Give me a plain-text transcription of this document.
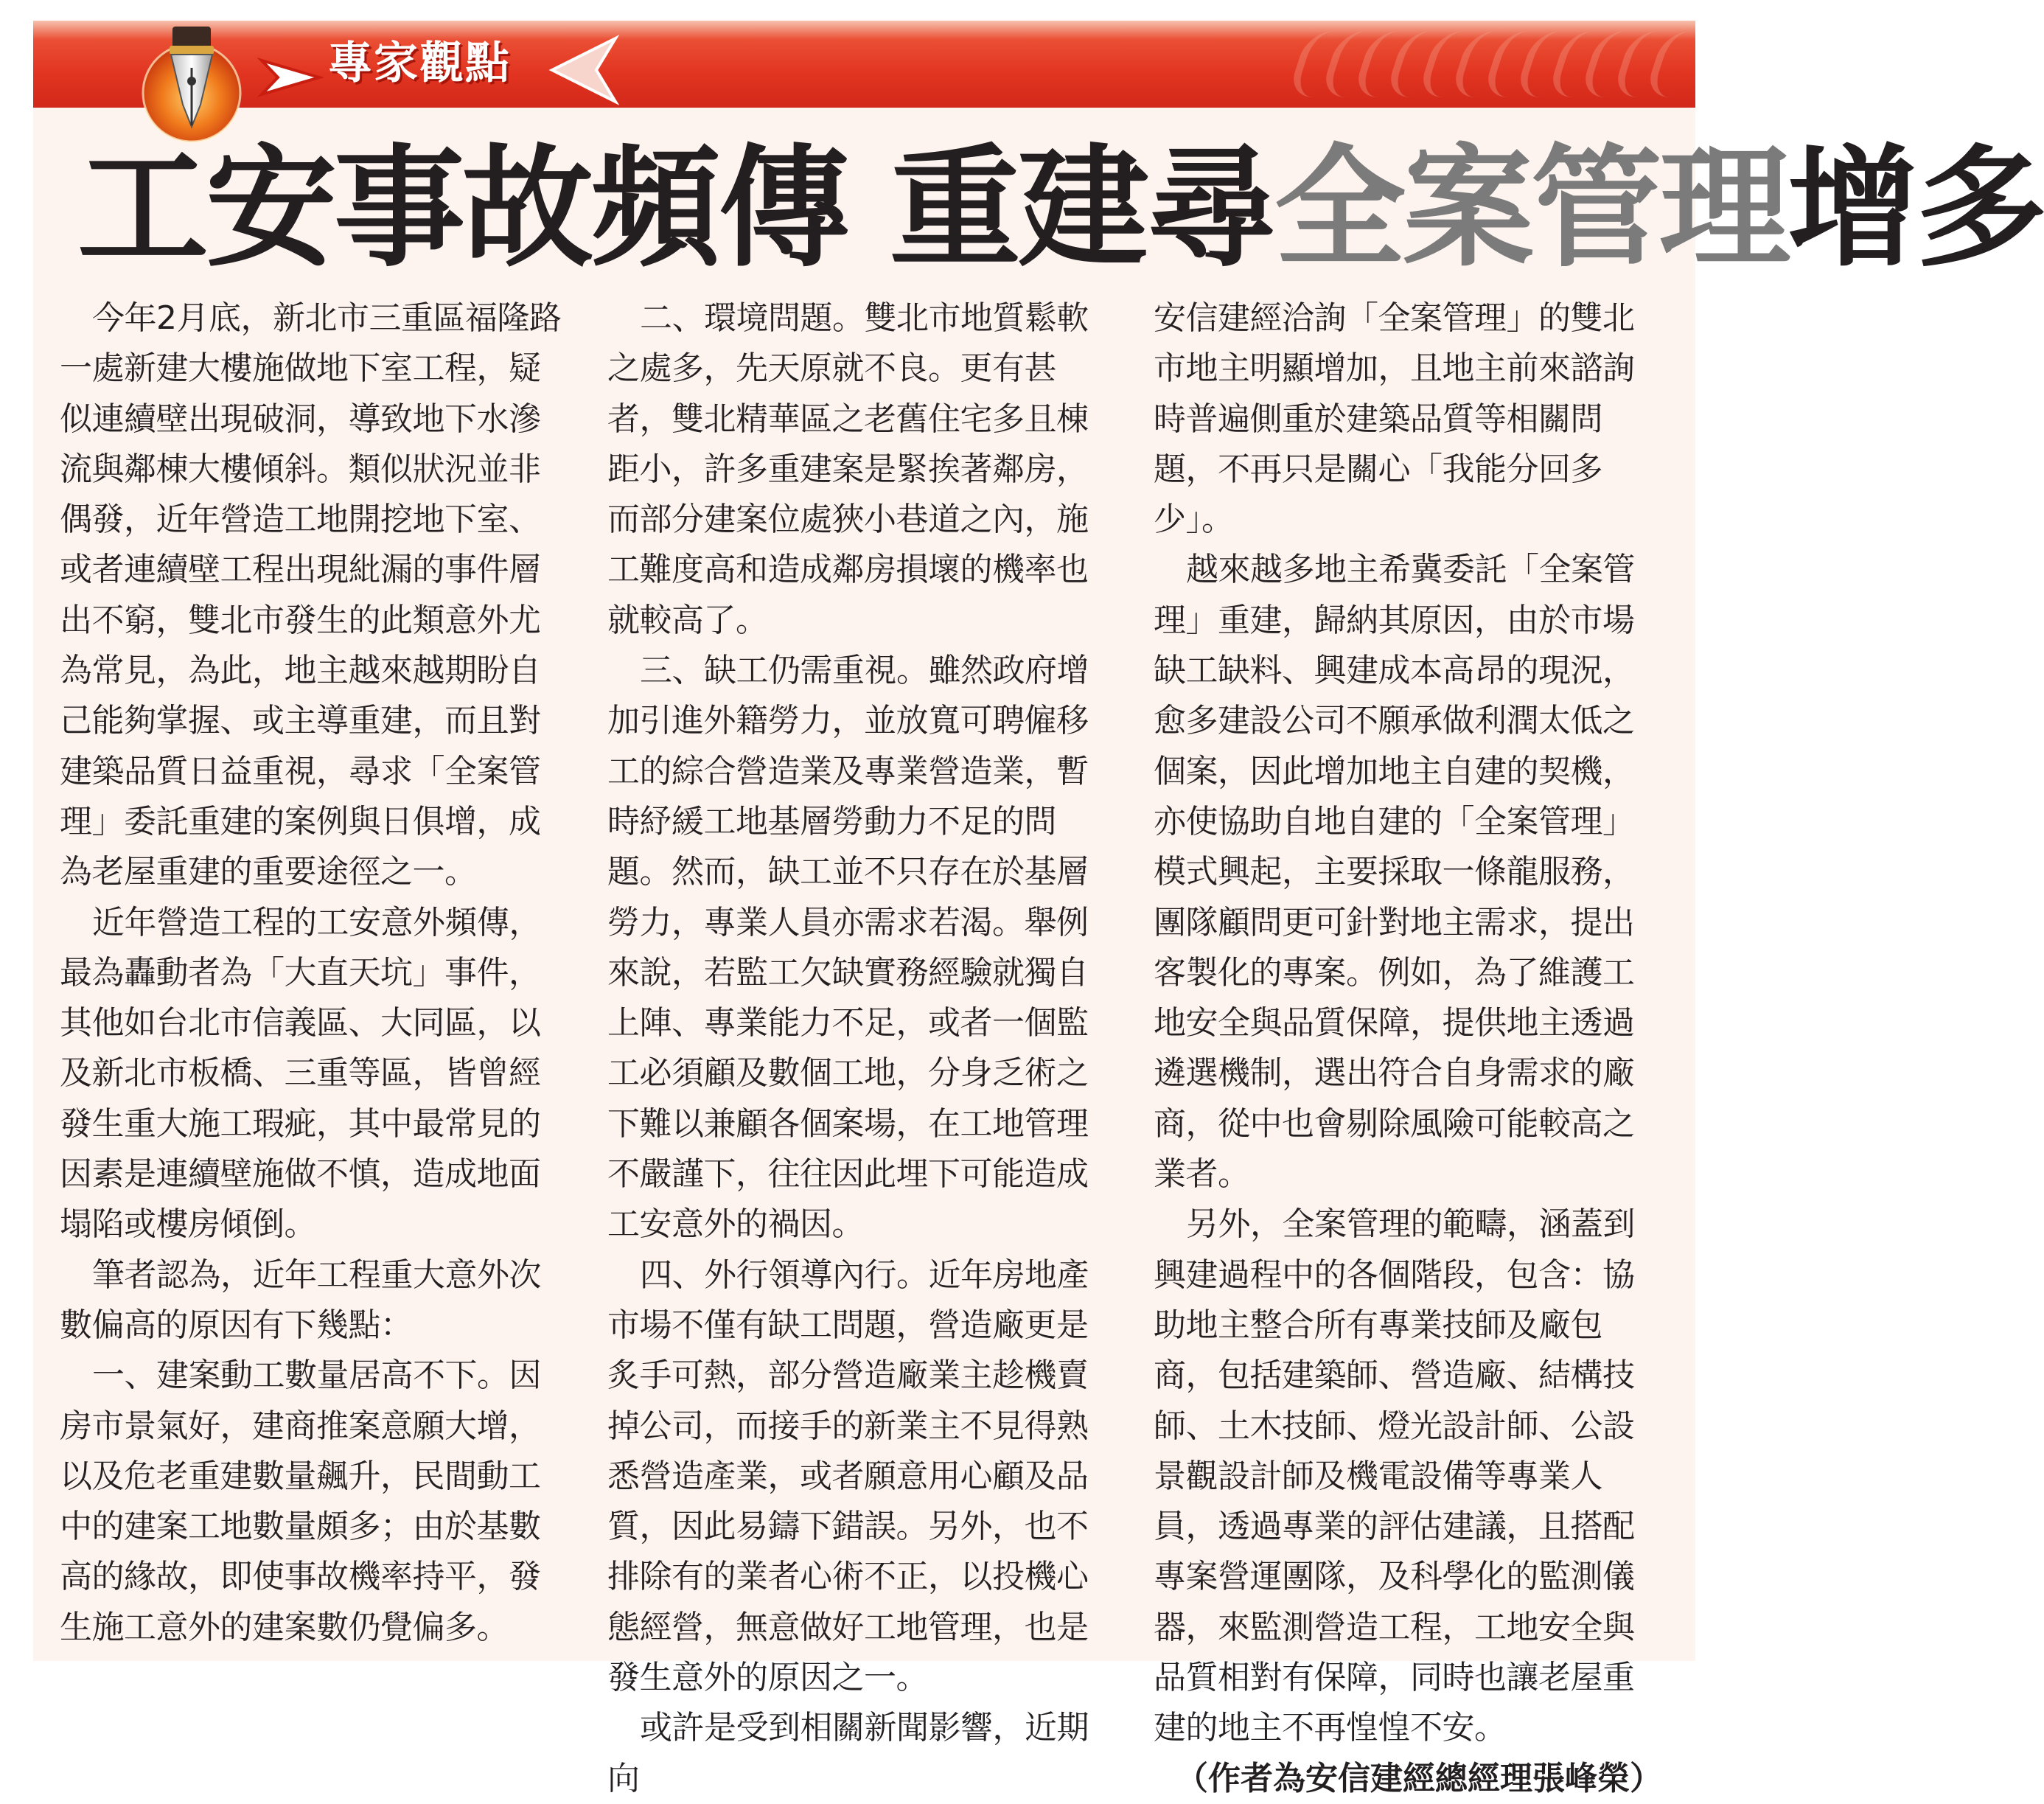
專家觀點
工安事故頻傳 重建尋全案管理增多

今年2月底，新北市三重區福隆路一處新建大樓施做地下室工程，疑似連續壁出現破洞，導致地下水滲流與鄰棟大樓傾斜。類似狀況並非偶發，近年營造工地開挖地下室、或者連續壁工程出現紕漏的事件層出不窮，雙北市發生的此類意外尤為常見，為此，地主越來越期盼自己能夠掌握、或主導重建，而且對建築品質日益重視，尋求「全案管理」委託重建的案例與日俱增，成為老屋重建的重要途徑之一。

近年營造工程的工安意外頻傳，最為轟動者為「大直天坑」事件，其他如台北市信義區、大同區，以及新北市板橋、三重等區，皆曾經發生重大施工瑕疵，其中最常見的因素是連續壁施做不慎，造成地面塌陷或樓房傾倒。

筆者認為，近年工程重大意外次數偏高的原因有下幾點：

一、建案動工數量居高不下。因房市景氣好，建商推案意願大增，以及危老重建數量飆升，民間動工中的建案工地數量頗多；由於基數高的緣故，即使事故機率持平，發生施工意外的建案數仍覺偏多。

二、環境問題。雙北市地質鬆軟之處多，先天原就不良。更有甚者，雙北精華區之老舊住宅多且棟距小，許多重建案是緊挨著鄰房，而部分建案位處狹小巷道之內，施工難度高和造成鄰房損壞的機率也就較高了。

三、缺工仍需重視。雖然政府增加引進外籍勞力，並放寬可聘僱移工的綜合營造業及專業營造業，暫時紓緩工地基層勞動力不足的問題。然而，缺工並不只存在於基層勞力，專業人員亦需求若渴。舉例來說，若監工欠缺實務經驗就獨自上陣、專業能力不足，或者一個監工必須顧及數個工地，分身乏術之下難以兼顧各個案場，在工地管理不嚴謹下，往往因此埋下可能造成工安意外的禍因。

四、外行領導內行。近年房地產市場不僅有缺工問題，營造廠更是炙手可熱，部分營造廠業主趁機賣掉公司，而接手的新業主不見得熟悉營造產業，或者願意用心顧及品質，因此易鑄下錯誤。另外，也不排除有的業者心術不正，以投機心態經營，無意做好工地管理，也是發生意外的原因之一。

或許是受到相關新聞影響，近期向

安信建經洽詢「全案管理」的雙北市地主明顯增加，且地主前來諮詢時普遍側重於建築品質等相關問題，不再只是關心「我能分回多少」。

越來越多地主希冀委託「全案管理」重建，歸納其原因，由於市場缺工缺料、興建成本高昂的現況，愈多建設公司不願承做利潤太低之個案，因此增加地主自建的契機，亦使協助自地自建的「全案管理」模式興起，主要採取一條龍服務，團隊顧問更可針對地主需求，提出客製化的專案。例如，為了維護工地安全與品質保障，提供地主透過遴選機制，選出符合自身需求的廠商，從中也會剔除風險可能較高之業者。

另外，全案管理的範疇，涵蓋到興建過程中的各個階段，包含：協助地主整合所有專業技師及廠包商，包括建築師、營造廠、結構技師、土木技師、燈光設計師、公設景觀設計師及機電設備等專業人員，透過專業的評估建議，且搭配專案營運團隊，及科學化的監測儀器，來監測營造工程，工地安全與品質相對有保障，同時也讓老屋重建的地主不再惶惶不安。

（作者為安信建經總經理張峰榮）
